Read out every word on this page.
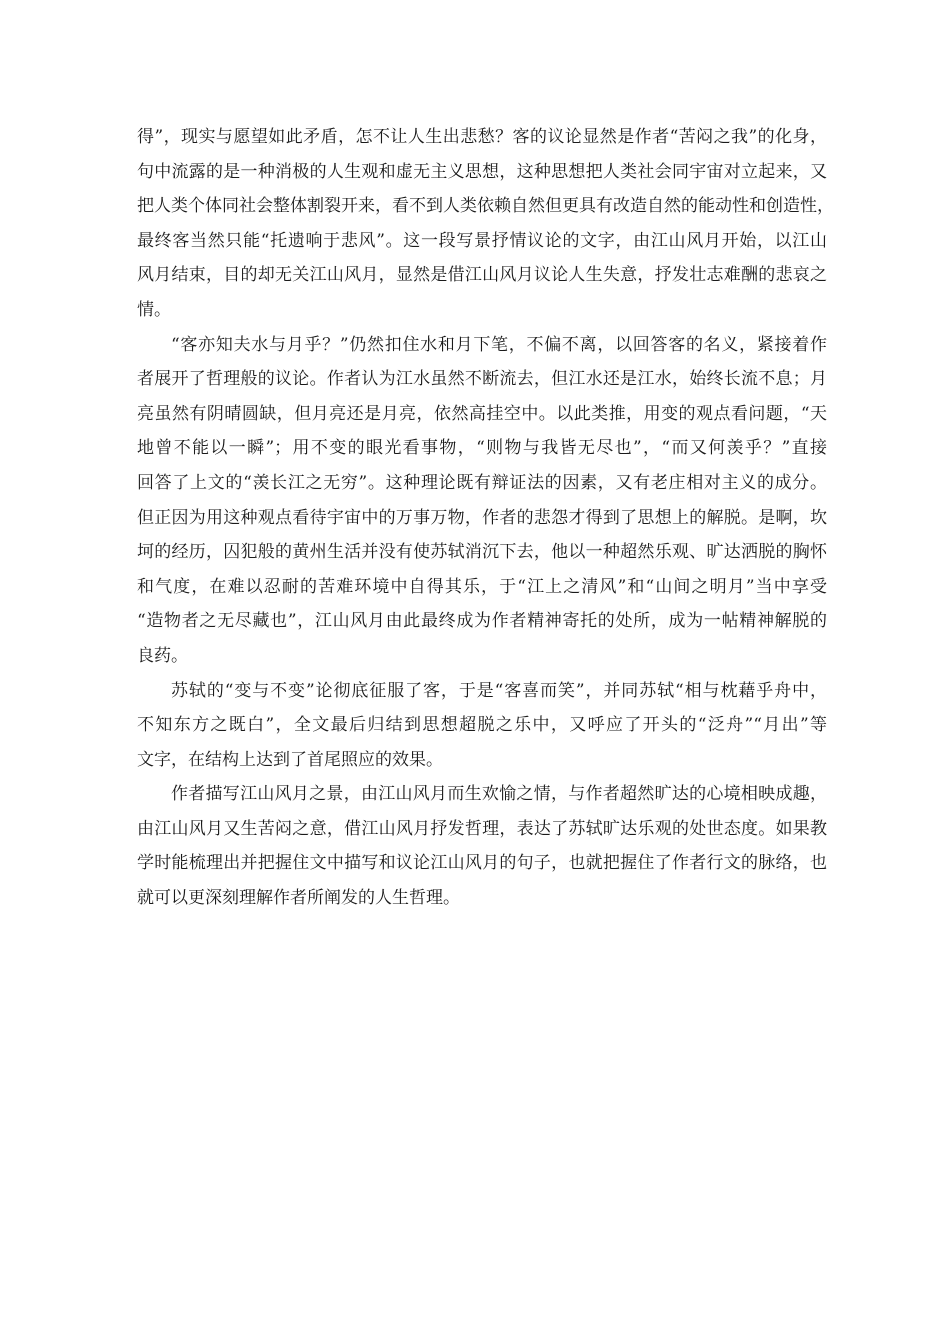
得”，现实与愿望如此矛盾，怎不让人生出悲愁？客的议论显然是作者“苦闷之我”的化身，
句中流露的是一种消极的人生观和虚无主义思想，这种思想把人类社会同宇宙对立起来，又
把人类个体同社会整体割裂开来，看不到人类依赖自然但更具有改造自然的能动性和创造性，
最终客当然只能“托遗响于悲风”。这一段写景抒情议论的文字，由江山风月开始，以江山
风月结束，目的却无关江山风月，显然是借江山风月议论人生失意，抒发壮志难酬的悲哀之
情。
“客亦知夫水与月乎？”仍然扣住水和月下笔，不偏不离，以回答客的名义，紧接着作
者展开了哲理般的议论。作者认为江水虽然不断流去，但江水还是江水，始终长流不息；月
亮虽然有阴晴圆缺，但月亮还是月亮，依然高挂空中。以此类推，用变的观点看问题，“天
地曾不能以一瞬”；用不变的眼光看事物，“则物与我皆无尽也”，“而又何羡乎？”直接
回答了上文的“羡长江之无穷”。这种理论既有辩证法的因素，又有老庄相对主义的成分。
但正因为用这种观点看待宇宙中的万事万物，作者的悲怨才得到了思想上的解脱。是啊，坎
坷的经历，囚犯般的黄州生活并没有使苏轼消沉下去，他以一种超然乐观、旷达洒脱的胸怀
和气度，在难以忍耐的苦难环境中自得其乐，于“江上之清风”和“山间之明月”当中享受
“造物者之无尽藏也”，江山风月由此最终成为作者精神寄托的处所，成为一帖精神解脱的
良药。
苏轼的“变与不变”论彻底征服了客，于是“客喜而笑”，并同苏轼“相与枕藉乎舟中，
不知东方之既白”，全文最后归结到思想超脱之乐中，又呼应了开头的“泛舟”“月出”等
文字，在结构上达到了首尾照应的效果。
作者描写江山风月之景，由江山风月而生欢愉之情，与作者超然旷达的心境相映成趣，
由江山风月又生苦闷之意，借江山风月抒发哲理，表达了苏轼旷达乐观的处世态度。如果教
学时能梳理出并把握住文中描写和议论江山风月的句子，也就把握住了作者行文的脉络，也
就可以更深刻理解作者所阐发的人生哲理。
